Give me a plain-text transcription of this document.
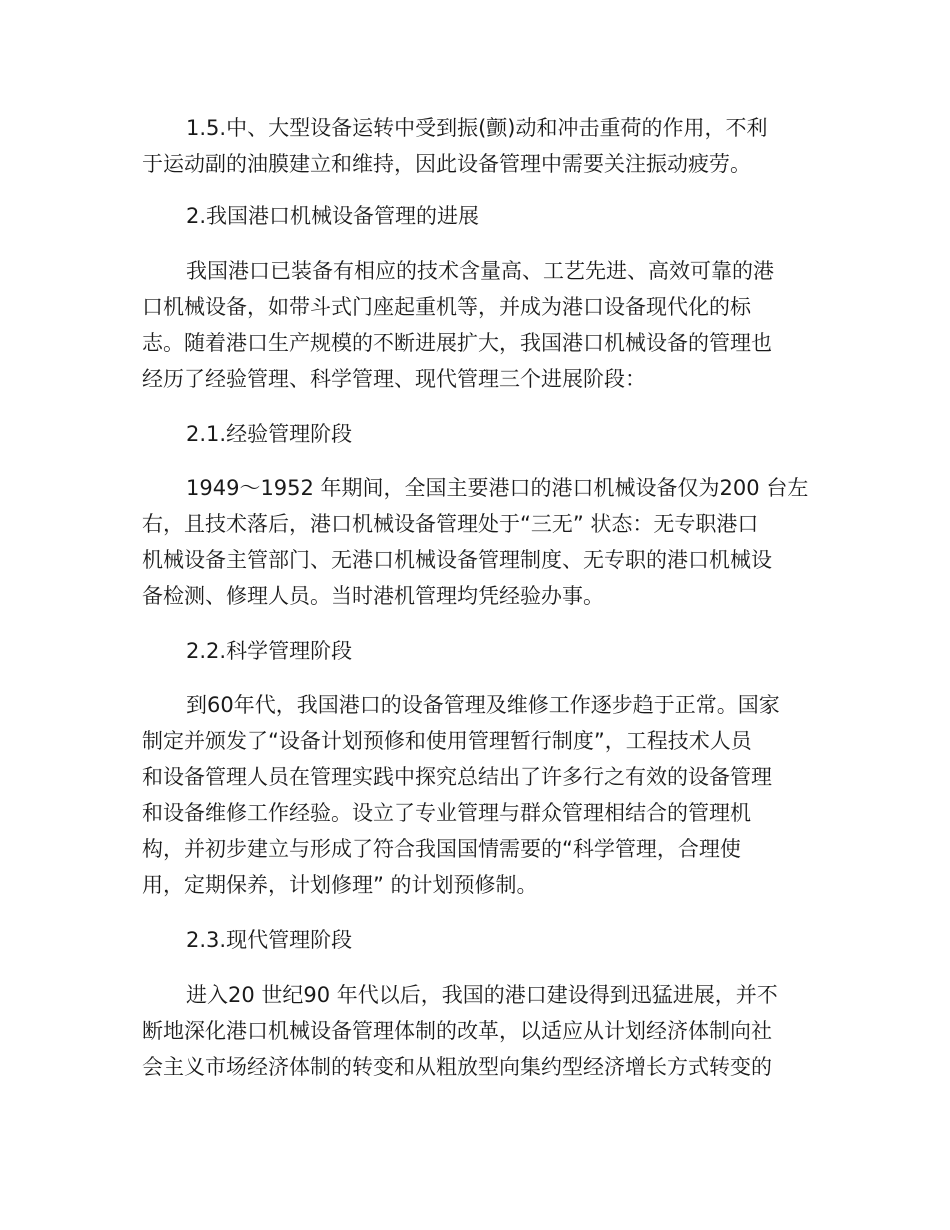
1.5.中、大型设备运转中受到振(颤)动和冲击重荷的作用，不利
于运动副的油膜建立和维持，因此设备管理中需要关注振动疲劳。
2.我国港口机械设备管理的进展
我国港口已装备有相应的技术含量高、工艺先进、高效可靠的港
口机械设备，如带斗式门座起重机等，并成为港口设备现代化的标
志。随着港口生产规模的不断进展扩大，我国港口机械设备的管理也
经历了经验管理、科学管理、现代管理三个进展阶段：
2.1.经验管理阶段
1949～1952 年期间，全国主要港口的港口机械设备仅为200 台左
右，且技术落后，港口机械设备管理处于“三无” 状态：无专职港口
机械设备主管部门、无港口机械设备管理制度、无专职的港口机械设
备检测、修理人员。当时港机管理均凭经验办事。
2.2.科学管理阶段
到60年代，我国港口的设备管理及维修工作逐步趋于正常。国家
制定并颁发了“设备计划预修和使用管理暂行制度”，工程技术人员
和设备管理人员在管理实践中探究总结出了许多行之有效的设备管理
和设备维修工作经验。设立了专业管理与群众管理相结合的管理机
构，并初步建立与形成了符合我国国情需要的“科学管理，合理使
用，定期保养，计划修理” 的计划预修制。
2.3.现代管理阶段
进入20 世纪90 年代以后，我国的港口建设得到迅猛进展，并不
断地深化港口机械设备管理体制的改革，以适应从计划经济体制向社
会主义市场经济体制的转变和从粗放型向集约型经济增长方式转变的
